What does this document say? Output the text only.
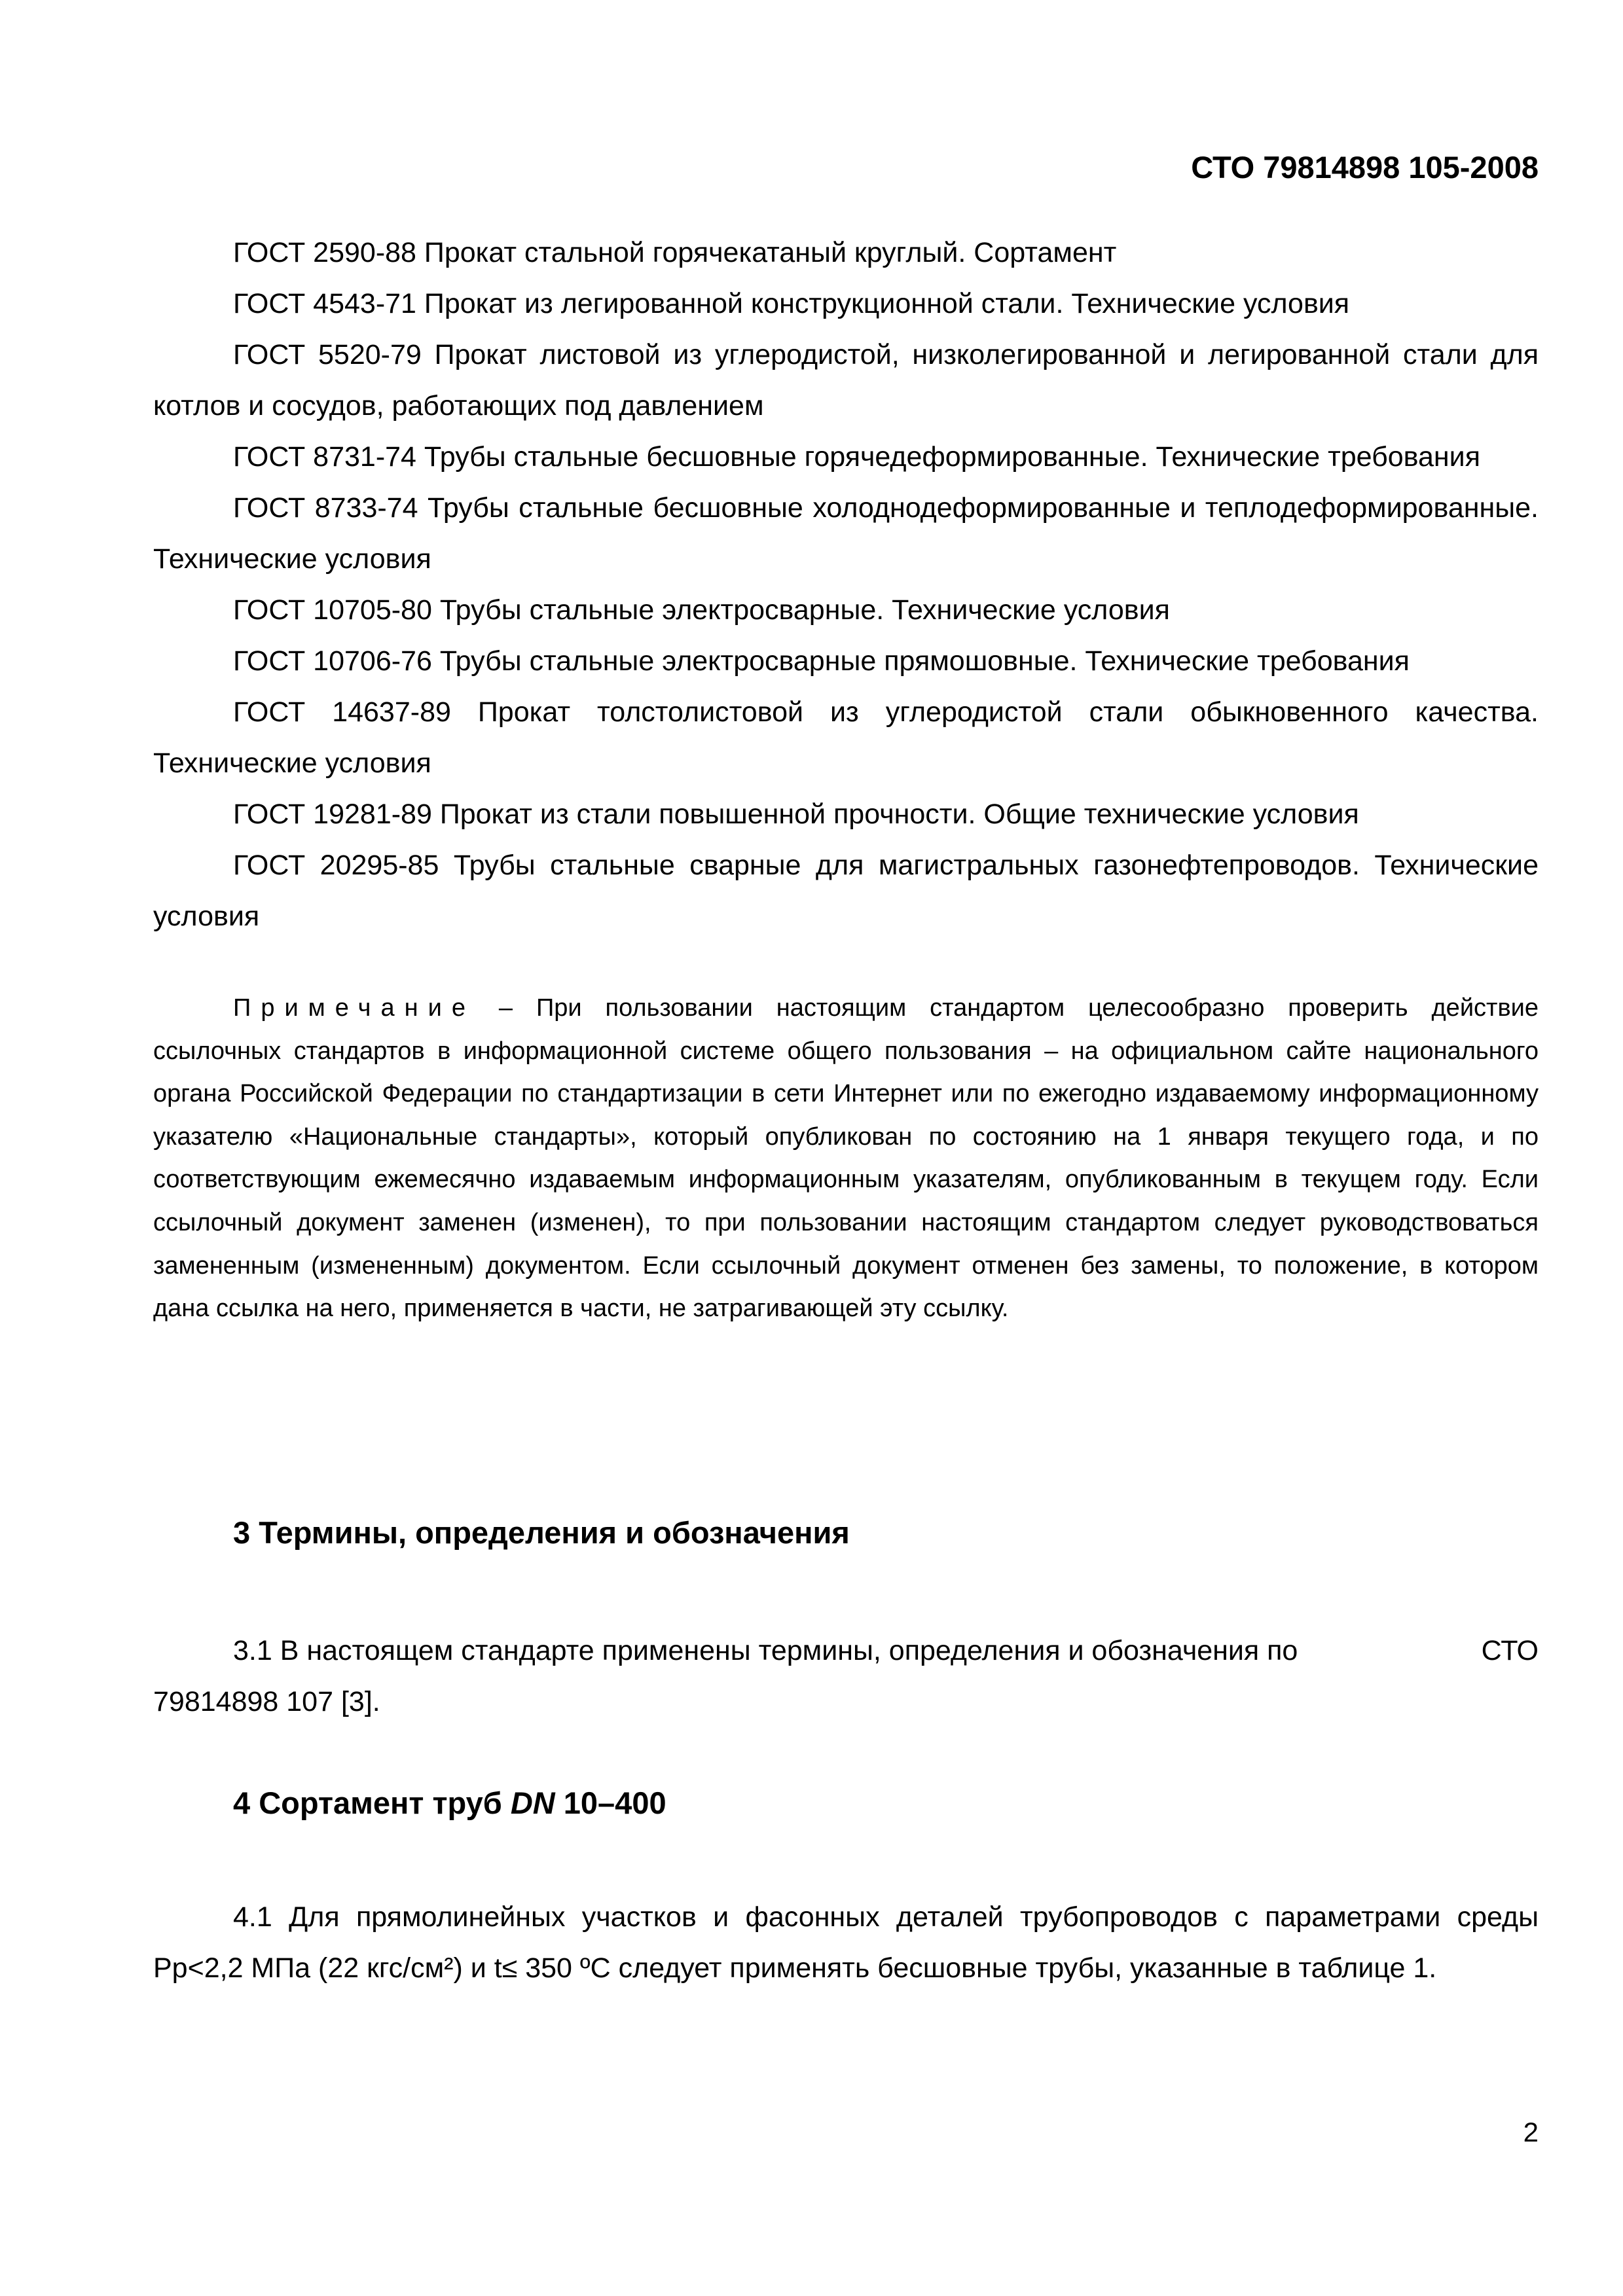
СТО 79814898 105-2008
ГОСТ 2590-88 Прокат стальной горячекатаный круглый. Сортамент
ГОСТ 4543-71 Прокат из легированной конструкционной стали. Технические условия
ГОСТ 5520-79 Прокат листовой из углеродистой, низколегированной и легированной стали для котлов и сосудов, работающих под давлением
ГОСТ 8731-74 Трубы стальные бесшовные горячедеформированные. Технические требования
ГОСТ 8733-74 Трубы стальные бесшовные холоднодеформированные и теплодеформированные. Технические условия
ГОСТ 10705-80 Трубы стальные электросварные. Технические условия
ГОСТ 10706-76 Трубы стальные электросварные прямошовные. Технические требования
ГОСТ 14637-89 Прокат толстолистовой из углеродистой стали обыкновенного качества. Технические условия
ГОСТ 19281-89 Прокат из стали повышенной прочности. Общие технические условия
ГОСТ 20295-85 Трубы стальные сварные для магистральных газонефтепроводов. Технические условия
Примечание – При пользовании настоящим стандартом целесообразно проверить действие ссылочных стандартов в информационной системе общего пользования – на официальном сайте национального органа Российской Федерации по стандартизации в сети Интернет или по ежегодно издаваемому информационному указателю «Национальные стандарты», который опубликован по состоянию на 1 января текущего года, и по соответствующим ежемесячно издаваемым информационным указателям, опубликованным в текущем году. Если ссылочный документ заменен (изменен), то при пользовании настоящим стандартом следует руководствоваться замененным (измененным) документом. Если ссылочный документ отменен без замены, то положение, в котором дана ссылка на него, применяется в части, не затрагивающей эту ссылку.
3 Термины, определения и обозначения
3.1 В настоящем стандарте применены термины, определения и обозначения по	СТО
79814898 107 [3].
4 Сортамент труб DN 10–400
4.1 Для прямолинейных участков и фасонных деталей трубопроводов с параметрами среды Рр<2,2 МПа (22 кгс/см²) и t≤ 350 ºС следует применять бесшовные трубы, указанные в таблице 1.
2
